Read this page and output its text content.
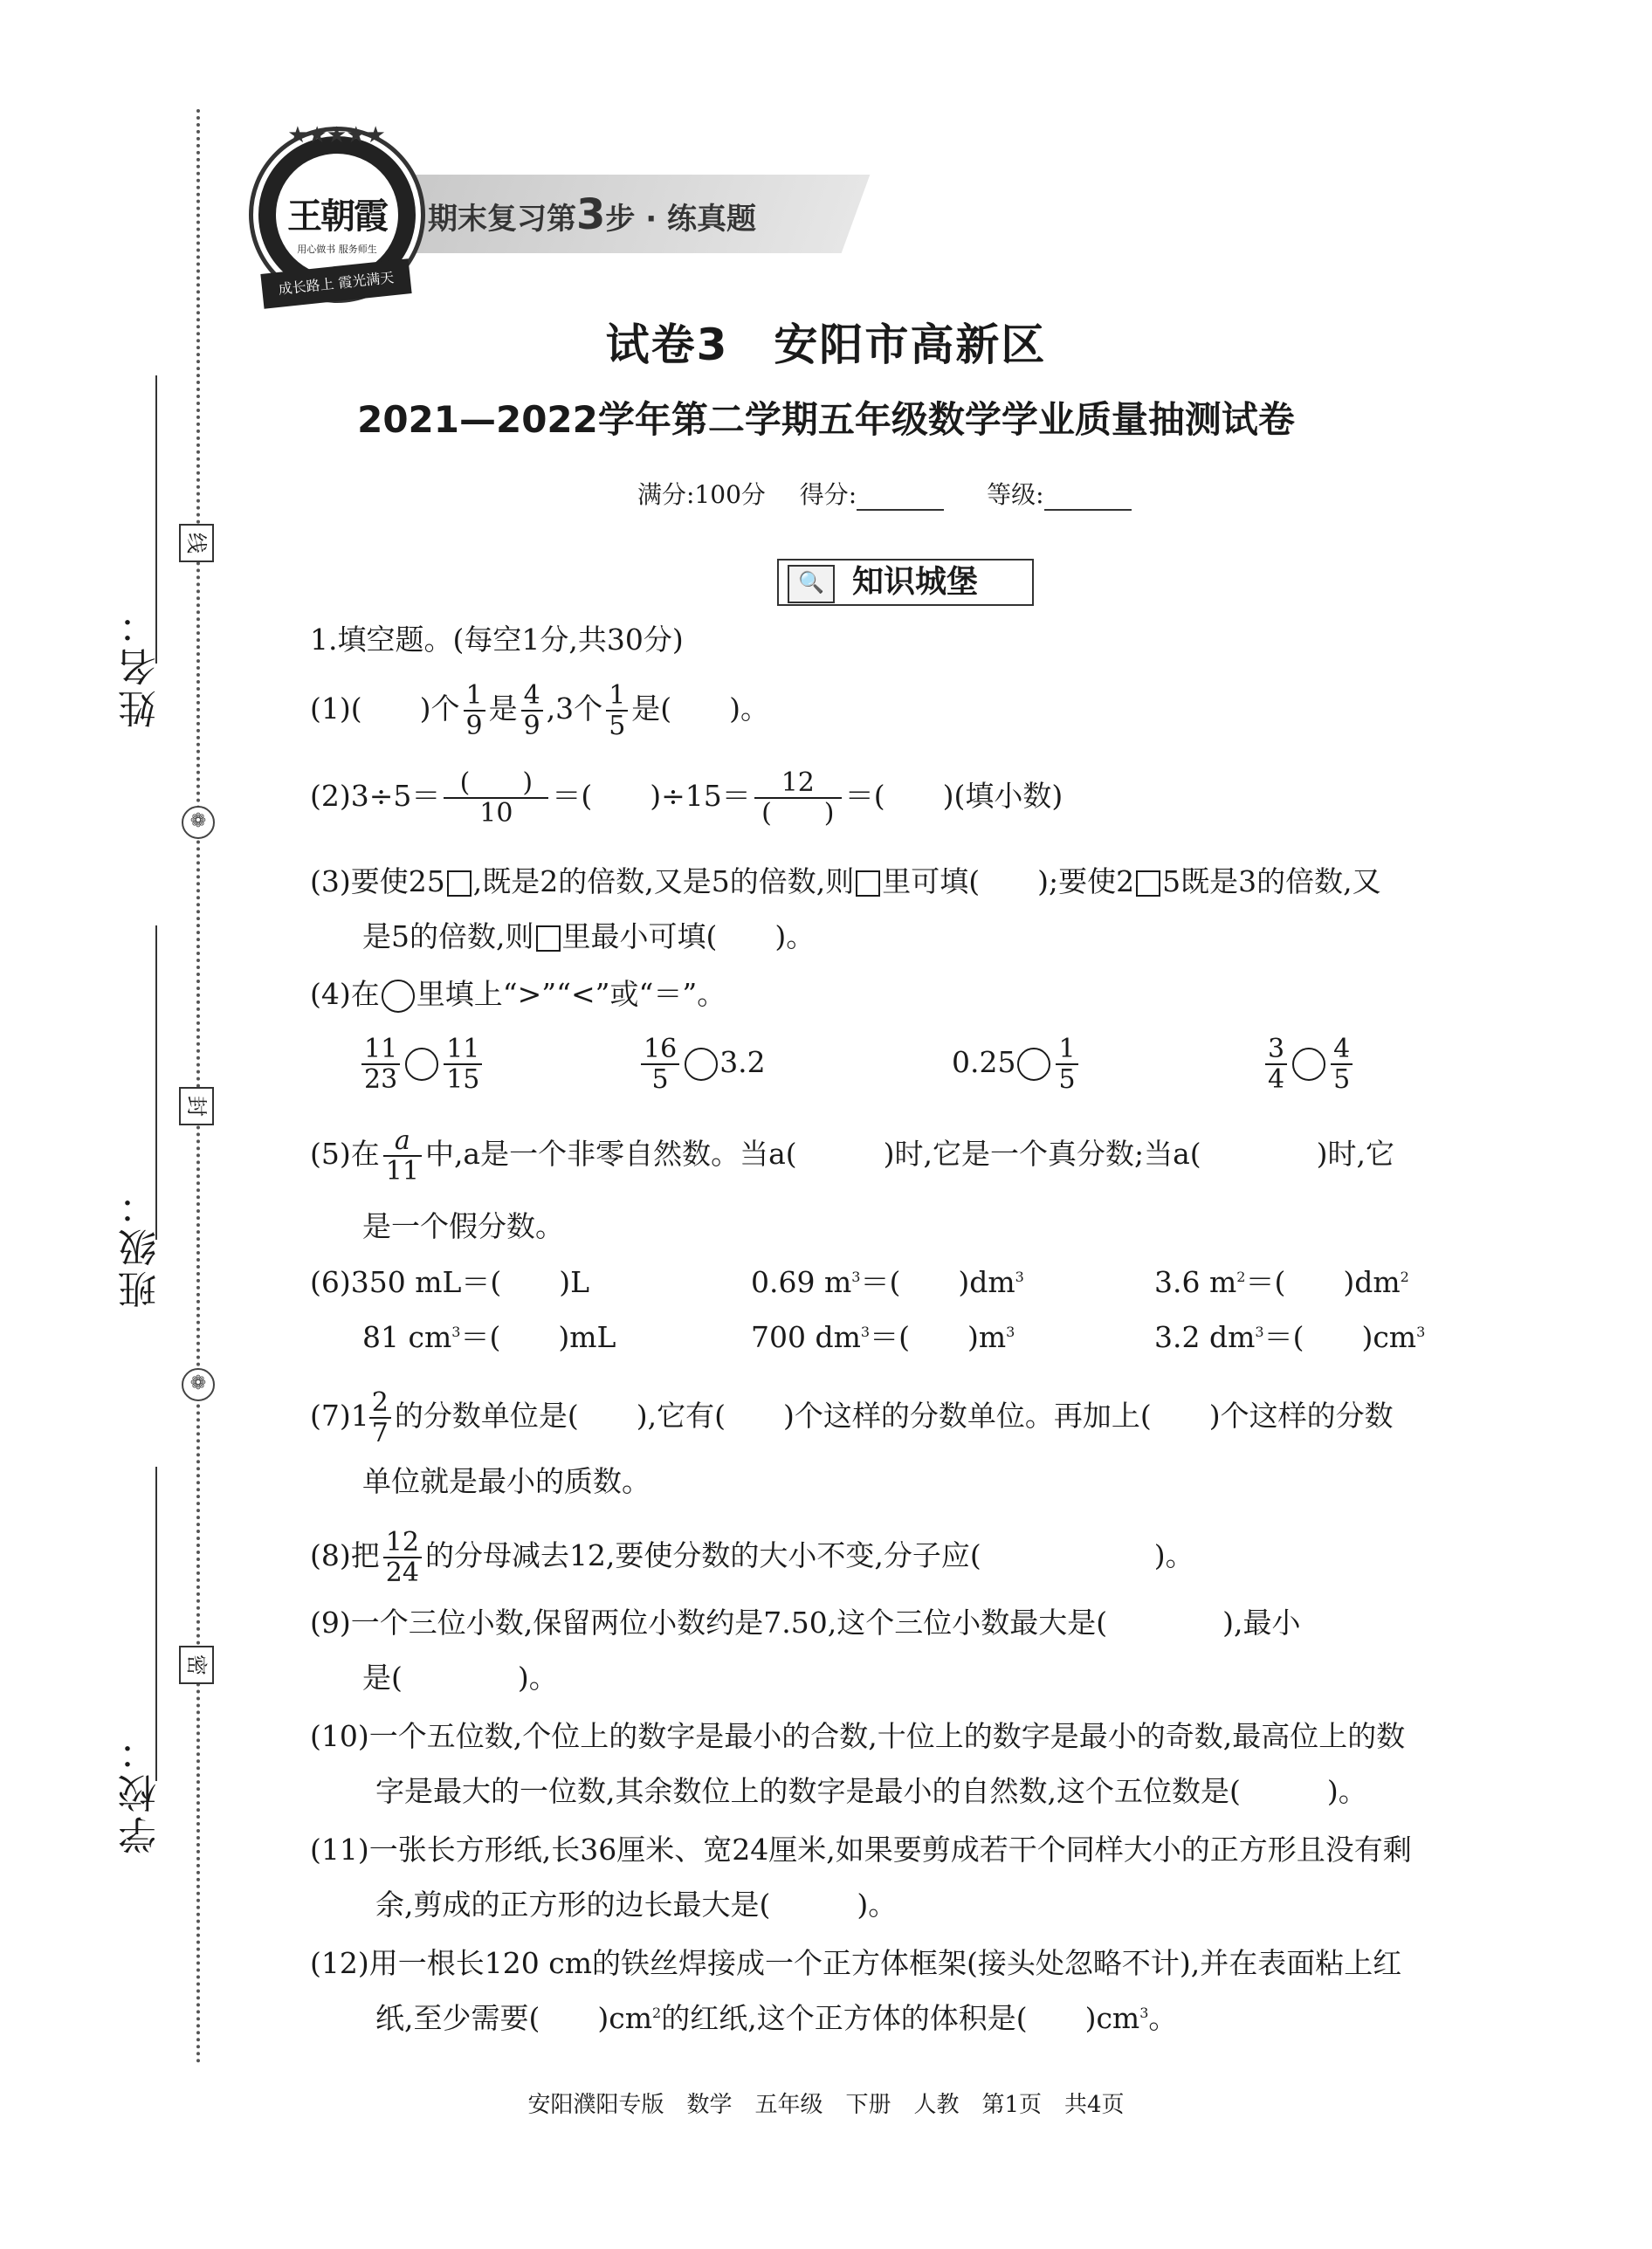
姓名：
班级：
学校：
线
封
密
❁
❁
期末复习第3步 · 练真题
王朝霞
用心做书 服务师生
★★★★★
成长路上 霞光满天
试卷3　安阳市高新区
2021—2022学年第二学期五年级数学学业质量抽测试卷
满分:100分 得分:	等级:
🔍 知识城堡
1.填空题。(每空1分,共30分)
(1)(　　)个 $\frac{1}{9}$ 是 $\frac{4}{9} ,3$个 $\frac{1}{5}$ 是(　　)。
$(2)3\div 5= \frac{( )}{10}$ ＝(　　)$\div 15= \frac{12}{( )}$ ＝(　　)(填小数)
(3)要使25 ,既是2的倍数,又是5的倍数,则 里可填(　　);要使2 5既是3的倍数,又
是5的倍数,则 里最小可填(　　)。
(4)在 里填上“>”“<”或“＝”。
$\frac{11}{23} \frac{11}{15}$	$\frac{16}{5} 3.2$	$0.25 \frac{1}{5}$	$\frac{3}{4} \frac{4}{5}$
(5)在 $\frac{a}{11}$ 中,a是一个非零自然数。当a(　　　)时,它是一个真分数;当a(　　　　)时,它
是一个假分数。
(6)350 mL＝(　　)L	0.69 $m^3=$(　　)$dm^3$	3.6 $m^2=$(　　)$dm^2$
81 $cm^3=$(　　)mL	700 $dm^3=$(　　)$m^3$	3.2 $dm^3=$(　　)$cm^3$
$(7)1 \frac{2}{7}$ 的分数单位是(　　),它有(　　)个这样的分数单位。再加上(　　)个这样的分数
单位就是最小的质数。
(8)把 $\frac{12}{24}$ 的分母减去12,要使分数的大小不变,分子应(　　　　　　)。
(9)一个三位小数,保留两位小数约是7.50,这个三位小数最大是(　　　　),最小
是(　　　　)。
(10)一个五位数,个位上的数字是最小的合数,十位上的数字是最小的奇数,最高位上的数
字是最大的一位数,其余数位上的数字是最小的自然数,这个五位数是(　　　)。
(11)一张长方形纸,长36厘米、宽24厘米,如果要剪成若干个同样大小的正方形且没有剩
余,剪成的正方形的边长最大是(　　　)。
(12)用一根长120 cm的铁丝焊接成一个正方体框架(接头处忽略不计),并在表面粘上红
纸,至少需要(　　)$cm^2$的红纸,这个正方体的体积是(　　)$cm^3$。
安阳濮阳专版　数学　五年级　下册　人教　第1页　共4页
